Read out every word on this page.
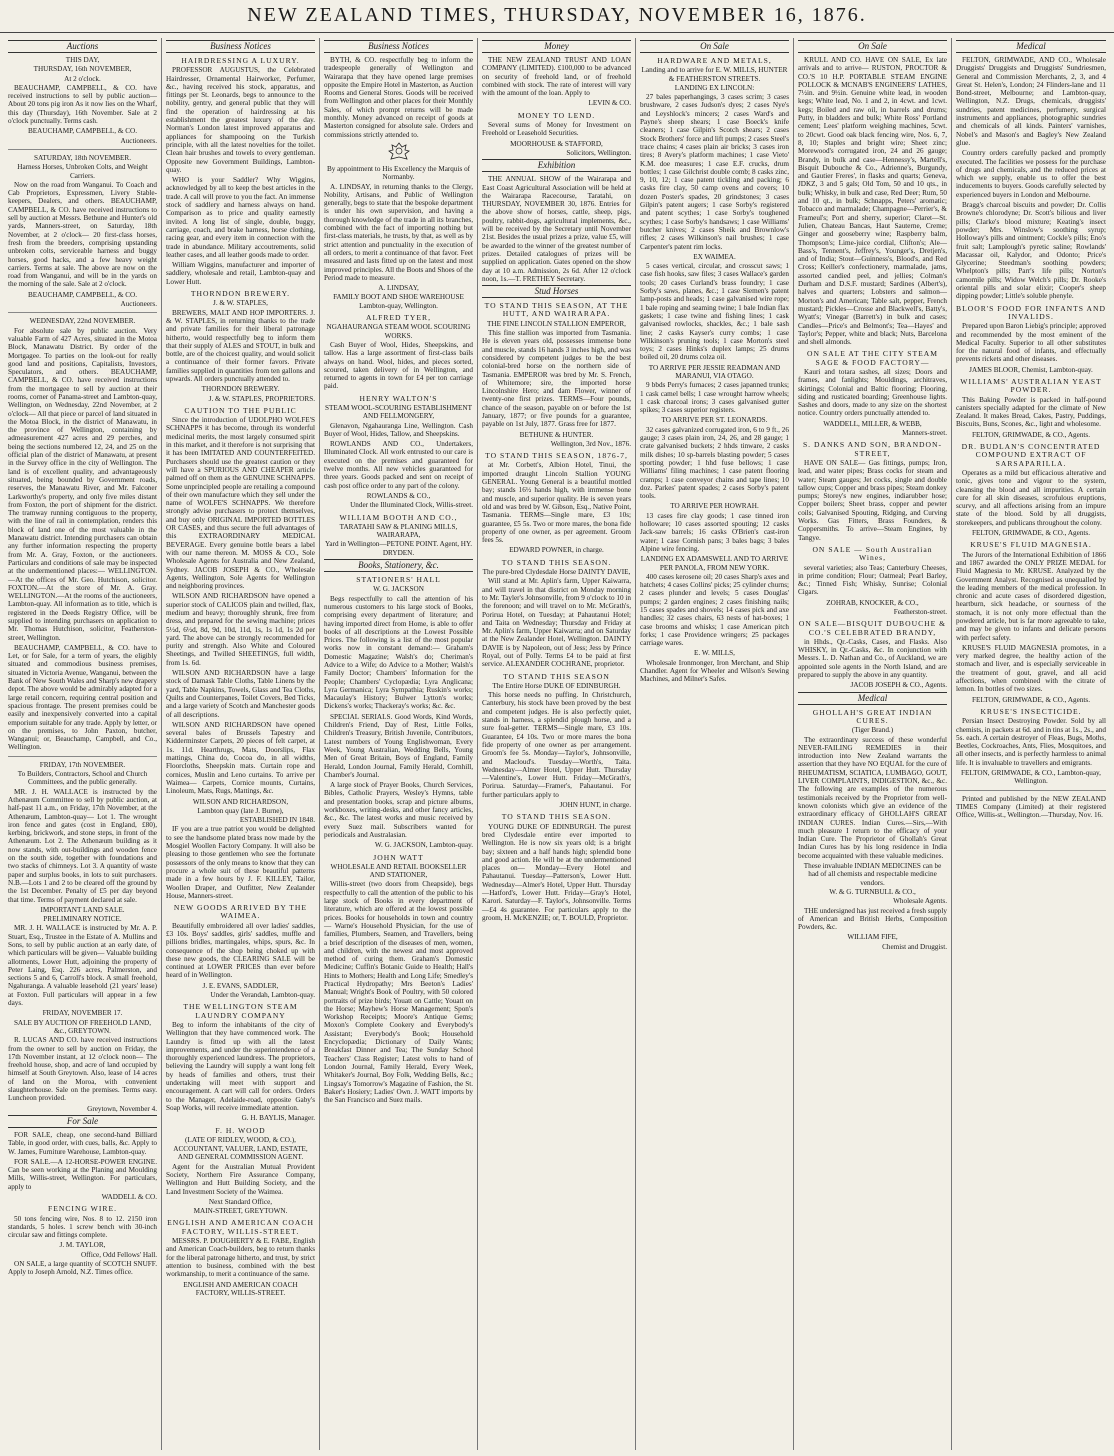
NEW ZEALAND TIMES, THURSDAY, NOVEMBER 16, 1876.
Auctions
THIS DAY,
THURSDAY, 16th NOVEMBER,
At 2 o'clock.
BEAUCHAMP, CAMPBELL, & CO. have received instructions to sell by public auction— About 20 tons pig iron As it now lies on the Wharf, this day (Thursday), 16th November. Sale at 2 o'clock punctually. Terms cash.
BEAUCHAMP, CAMPBELL, & CO.
Auctioneers.
SATURDAY, 18th NOVEMBER.
Harness Horses, Unbroken Colts, and Weight Carriers.
Now on the road from Wanganui. To Coach and Cab Proprietors, Expressmen, Livery Stable-keepers, Dealers, and others. BEAUCHAMP, CAMPBELL, & CO. have received instructions to sell by auction at Messrs. Bethune and Hunter's old yards, Manners-street, on Saturday, 18th November, at 2 o'clock— 20 first-class horses, fresh from the breeders, comprising upstanding unbroken colts, serviceable harness and buggy horses, good hacks, and a few heavy weight carriers. Terms at sale. The above are now on the road from Wanganui, and will be in the yards on the morning of the sale. Sale at 2 o'clock.
BEAUCHAMP, CAMPBELL, & CO.
Auctioneers.
WEDNESDAY, 22nd NOVEMBER.
For absolute sale by public auction. Very valuable Farm of 427 Acres, situated in the Motoa Block, Manawatu District. By order of the Mortgagee. To parties on the look-out for really good land and positions, Capitalists, Investors, Speculators, and others. BEAUCHAMP, CAMPBELL, & CO. have received instructions from the mortgagee to sell by auction at their rooms, corner of Panama-street and Lambton-quay, Wellington, on Wednesday, 22nd November, at 2 o'clock— All that piece or parcel of land situated in the Motoa Block, in the district of Manawatu, in the province of Wellington, containing by admeasurement 427 acres and 29 perches, and being the sections numbered 12, 24, and 25 on the official plan of the district of Manawatu, at present in the Survey office in the city of Wellington. The land is of excellent quality, and advantageously situated, being bounded by Government roads, reserves, the Manawatu River, and Mr. Falconer Larkworthy's property, and only five miles distant from Foxton, the port of shipment for the district. The tramway running contiguous to the property, with the line of rail in contemplation, renders this block of land one of the most valuable in the Manawatu district. Intending purchasers can obtain any further information respecting the property from Mr. A. Gray, Foxton, or the auctioneers. Particulars and conditions of sale may be inspected at the undermentioned places:— WELLINGTON.—At the offices of Mr. Geo. Hutchison, solicitor. FOXTON.—At the store of Mr. A. Gray. WELLINGTON.—At the rooms of the auctioneers, Lambton-quay. All information as to title, which is registered in the Deeds Registry Office, will be supplied to intending purchasers on application to Mr. Thomas Hutchison, solicitor, Featherston-street, Wellington.
BEAUCHAMP, CAMPBELL, & CO. have to Let, or for Sale, for a term of years, the eligibly situated and commodious business premises, situated in Victoria Avenue, Wanganui, between the Bank of New South Wales and Sharp's new drapery depot. The above would be admirably adapted for a large retail concern, requiring central position and spacious frontage. The present premises could be easily and inexpensively converted into a capital emporium suitable for any trade. Apply by letter, or on the premises, to John Paxton, butcher, Wanganui; or, Beauchamp, Campbell, and Co., Wellington.
FRIDAY, 17th NOVEMBER.
To Builders, Contractors, School and Church Committees, and the public generally.
MR. J. H. WALLACE is instructed by the Athenæum Committee to sell by public auction, at half-past 11 a.m., on Friday, 17th November, at the Athenæum, Lambton-quay— Lot 1. The wrought iron fence and gates (cost in England, £80), kerbing, brickwork, and stone steps, in front of the Athenæum. Lot 2. The Athenæum building as it now stands, with out-buildings and wooden fence on the south side, together with foundations and two stacks of chimneys. Lot 3. A quantity of waste paper and surplus books, in lots to suit purchasers. N.B.—Lots 1 and 2 to be cleared off the ground by the 1st December. Penalty of £5 per day beyond that time. Terms of payment declared at sale.
IMPORTANT LAND SALE.
PRELIMINARY NOTICE.
MR. J. H. WALLACE is instructed by Mr. A. P. Stuart, Esq., Trustee in the Estate of A. Mullins and Sons, to sell by public auction at an early date, of which particulars will be given— Valuable building allotments, Lower Hutt, adjoining the property of Peter Laing, Esq. 226 acres, Palmerston, and sections 5 and 6, Carroll's block. A small freehold, Ngahuranga. A valuable leasehold (21 years' lease) at Foxton. Full particulars will appear in a few days.
FRIDAY, NOVEMBER 17.
SALE BY AUCTION OF FREEHOLD LAND, &c., GREYTOWN.
R. LUCAS AND CO. have received instructions from the owner to sell by auction on Friday, the 17th November instant, at 12 o'clock noon— The freehold house, shop, and acre of land occupied by himself at South Greytown. Also, lease of 14 acres of land on the Moroa, with convenient slaughterhouse. Sale on the premises. Terms easy. Luncheon provided.
Greytown, November 4.
For Sale
FOR SALE, cheap, one second-hand Billiard Table, in good order, with cues, balls, &c. Apply to W. James, Furniture Warehouse, Lambton-quay.
FOR SALE.—A 12-HORSE-POWER ENGINE. Can be seen working at the Planing and Moulding Mills, Willis-street, Wellington. For particulars, apply to
WADDELL & CO.
FENCING WIRE.
50 tons fencing wire, Nos. 8 to 12. 2150 iron standards, 5 holes. 1 screw bench with 30-inch circular saw and fittings complete.
J. M. TAYLOR,
Office, Odd Fellows' Hall.
ON SALE, a large quantity of SCOTCH SNUFF. Apply to Joseph Arnold, N.Z. Times office.
Business Notices
HAIRDRESSING A LUXURY.
PROFESSOR AUGUSTUS, the Celebrated Hairdresser, Ornamental Hairworker, Perfumer, &c., having received his stock, apparatus, and fittings per St. Leonards, begs to announce to the nobility, gentry, and general public that they will find the operation of hairdressing at his establishment the greatest luxury of the day. Norman's London latest improved apparatus and appliances for shampooing on the Turkish principle, with all the latest novelties for the toilet. Clean hair brushes and towels to every gentleman. Opposite new Government Buildings, Lambton-quay.
WHO is your Saddler? Why Wiggins, acknowledged by all to keep the best articles in the trade. A call will prove to you the fact. An immense stock of saddlery and harness always on hand. Comparison as to price and quality earnestly invited. A long list of single, double, buggy, carriage, coach, and brake harness, horse clothing, racing gear, and every item in connection with the trade in abundance. Military accoutrements, solid leather cases, and all leather goods made to order.
William Wiggins, manufacturer and importer of saddlery, wholesale and retail, Lambton-quay and Lower Hutt.
THORNDON BREWERY.
J. & W. STAPLES,
BREWERS, MALT AND HOP IMPORTERS. J. & W. STAPLES, in returning thanks to the trade and private families for their liberal patronage hitherto, would respectfully beg to inform them that their supply of ALES and STOUT, in bulk and bottle, are of the choicest quality, and would solicit a continuance of their former favors. Private families supplied in quantities from ten gallons and upwards. All orders punctually attended to.
THORNDON BREWERY.
J. & W. STAPLES, PROPRIETORS.
CAUTION TO THE PUBLIC
Since the introduction of UDOLPHO WOLFE'S SCHNAPPS it has become, through its wonderful medicinal merits, the most largely consumed spirit in this market, and it therefore is not surprising that it has been IMITATED AND COUNTERFEITED. Purchasers should use the greatest caution or they will have a SPURIOUS AND CHEAPER article palmed off on them as the GENUINE SCHNAPPS. Some unprincipled people are retailing a compound of their own manufacture which they sell under the name of WOLFE'S SCHNAPPS. We therefore strongly advise purchasers to protect themselves, and buy only ORIGINAL IMPORTED BOTTLES OR CASES, and thus secure the full advantages of this EXTRAORDINARY MEDICAL BEVERAGE. Every genuine bottle bears a label with our name thereon. M. MOSS & CO., Sole Wholesale Agents for Australia and New Zealand, Sydney. JACOB JOSEPH & CO., Wholesale Agents, Wellington, Sole Agents for Wellington and neighboring provinces.
WILSON AND RICHARDSON have opened a superior stock of CALICOS plain and twilled, flax, medium and heavy; thoroughly shrunk, free from dress, and prepared for the sewing machine; prices 5½d, 6½d, 8d, 9d, 10d, 11d, 1s, 1s 1d, 1s 2d per yard. The above can be strongly recommended for purity and strength. Also White and Coloured Sheetings, and Twilled SHEETINGS, full width, from 1s. 6d.
WILSON AND RICHARDSON have a large stock of Damask Table Cloths, Table Linens by the yard, Table Napkins, Towels, Glass and Tea Cloths, Quilts and Counterpanes, Toilet Covers, Bed Ticks, and a large variety of Scotch and Manchester goods of all descriptions.
WILSON AND RICHARDSON have opened several bales of Brussels Tapestry and Kidderminster Carpets, 20 pieces of felt carpet, at 1s. 11d. Hearthrugs, Mats, Doorslips, Flax mattings, China do, Cocoa do, in all widths, Floorcloths, Sheepskin mats. Curtain rope and cornices, Muslin and Leno curtains. To arrive per Waimea— Carpets, Cornice mounts, Curtains, Linoleum, Mats, Rugs, Mattings, &c.
WILSON AND RICHARDSON,
Lambton quay (late J. Burne),
ESTABLISHED IN 1848.
IF you are a true patriot you would be delighted to see the handsome plated brass now made by the Mosgiel Woollen Factory Company. It will also be pleasing to those gentlemen who see the fortunate possessors of the only means to know that they can procure a whole suit of these beautiful patterns made in a few hours by J. F. KILLEY, Tailor, Woollen Draper, and Outfitter, New Zealander House, Manners-street.
NEW GOODS ARRIVED BY THE WAIMEA.
Beautifully embroidered all over ladies' saddles, £3 10s. Boys' saddles, girls' saddles, muffle and pillions bridles, martingales, whips, spurs, &c. In consequence of the shop being choked up with these new goods, the CLEARING SALE will be continued at LOWER PRICES than ever before heard of in Wellington.
J. E. EVANS, SADDLER,
Under the Verandah, Lambton-quay.
THE WELLINGTON STEAM LAUNDRY COMPANY
Beg to inform the inhabitants of the city of Wellington that they have commenced work. The Laundry is fitted up with all the latest improvements, and under the superintendence of a thoroughly experienced laundress. The proprietors, believing the Laundry will supply a want long felt by heads of families and others, trust their undertaking will meet with support and encouragement. A cart will call for orders. Orders to the Manager, Adelaide-road, opposite Gaby's Soap Works, will receive immediate attention.
G. H. BAYLIS, Manager.
F. H. WOOD
(LATE OF RIDLEY, WOOD, & CO.),
ACCOUNTANT, VALUER, LAND, ESTATE, AND GENERAL COMMISSION AGENT.
Agent for the Australian Mutual Provident Society, Northern Fire Assurance Company, Wellington and Hutt Building Society, and the Land Investment Society of the Waimea.
Next Standard Office,
MAIN-STREET, GREYTOWN.
ENGLISH AND AMERICAN COACH FACTORY, WILLIS-STREET.
MESSRS. P. DOUGHERTY & E. FABE, English and American Coach-builders, beg to return thanks for the liberal patronage hitherto, and trust, by strict attention to business, combined with the best workmanship, to merit a continuance of the same.
ENGLISH AND AMERICAN COACH FACTORY, WILLIS-STREET.
Business Notices
BYTH, & CO. respectfully beg to inform the tradespeople generally of Wellington and Wairarapa that they have opened large premises opposite the Empire Hotel in Masterton, as Auction Rooms and General Stores. Goods will be received from Wellington and other places for their Monthly Sales, of which prompt returns will be made monthly. Money advanced on receipt of goods at Masterton consigned for absolute sale. Orders and commissions strictly attended to.
By appointment to His Excellency the Marquis of Normanby.
A. LINDSAY, in returning thanks to the Clergy, Nobility, Artisans, and Public of Wellington generally, begs to state that the bespoke department is under his own supervision, and having a thorough knowledge of the trade in all its branches, combined with the fact of importing nothing but first-class materials, he trusts, by that, as well as by strict attention and punctuality in the execution of all orders, to merit a continuance of that favor. Feet measured and lasts fitted up on the latest and most improved principles. All the Boots and Shoes of the Period made to measure.
A. LINDSAY,
FAMILY BOOT AND SHOE WAREHOUSE Lambton-quay, Wellington.
ALFRED TYER,
NGAHAURANGA STEAM WOOL SCOURING WORKS.
Cash Buyer of Wool, Hides, Sheepskins, and tallow. Has a large assortment of first-class bails always on hand. Wool, hides, and pieces sorted, scoured, taken delivery of in Wellington, and returned to agents in town for £4 per ton carriage paid.
HENRY WALTON'S
STEAM WOOL-SCOURING ESTABLISHMENT AND FELLMONGERY,
Glenavon, Ngahauranga Line, Wellington. Cash Buyer of Wool, Hides, Tallow, and Sheepskins.
ROWLANDS AND CO., Undertakers, Illuminated Clock. All work entrusted to our care is executed on the premises and guaranteed for twelve months. All new vehicles guaranteed for three years. Goods packed and sent on receipt of cash post office order to any part of the colony.
ROWLANDS & CO.,
Under the Illuminated Clock, Willis-street.
WILLIAM BOOTH AND CO.,
TARATAHI SAW & PLANING MILLS, WAIRARAPA,
Yard in Wellington—PETONE POINT. Agent, HY. DRYDEN.
Books, Stationery, &c.
STATIONERS' HALL
W. G. JACKSON
Begs respectfully to call the attention of his numerous customers to his large stock of Books, comprising every department of literature; and having imported direct from Home, is able to offer books of all descriptions at the Lowest Possible Prices. The following is a list of the most popular works now in constant demand:— Graham's Domestic Magazine; Walsh's do; Cheriman's Advice to a Wife; do Advice to a Mother; Walsh's Family Doctor; Chambers' Information for the People; Chambers' Cyclopædia; Lyra Anglicana; Lyra Germanica; Lyra Sympathia; Ruskin's works; Macaulay's History; Bulwer Lytton's works; Dickens's works; Thackeray's works; &c. &c.
SPECIAL SERIALS. Good Words, Kind Words, Children's Friend, Day of Rest, Little Folks, Children's Treasury, British Juvenile, Contributors, Latest numbers of Young Englishwoman, Every Week, Young Australian, Wedding Bells, Young Men of Great Britain, Boys of England, Family Herald, London Journal, Family Herald, Cornhill, Chamber's Journal.
A large stock of Prayer Books, Church Services, Bibles, Catholic Prayers, Wesley's Hymns, table and presentation books, scrap and picture albums, workboxes, writing-desks, and other fancy articles, &c., &c. The latest works and music received by every Suez mail. Subscribers wanted for periodicals and Australasian.
W. G. JACKSON, Lambton-quay.
JOHN WATT
WHOLESALE AND RETAIL BOOKSELLER AND STATIONER,
Willis-street (two doors from Cheapside), begs respectfully to call the attention of the public to his large stock of Books in every department of literature, which are offered at the lowest possible prices. Books for households in town and country— Warne's Household Physician, for the use of families, Plumbers, Seamen, and Travellers, being a brief description of the diseases of men, women, and children, with the newest and most approved method of curing them. Graham's Domestic Medicine; Cuffin's Botanic Guide to Health; Hall's Hints to Mothers; Health and Long Life; Smedley's Practical Hydropathy; Mrs Beeton's Ladies' Manual; Wright's Book of Poultry, with 50 colored portraits of prize birds; Youatt on Cattle; Youatt on the Horse; Mayhew's Horse Management; Spon's Workshop Receipts; Moore's Antique Gems; Moxon's Complete Cookery and Everybody's Assistant; Everybody's Book; Household Encyclopædia; Dictionary of Daily Wants; Breakfast Dinner and Tea; The Sunday School Teachers' Class Register; Latest volts to hand of London Journal, Family Herald, Every Week, Whitaker's Journal, Boy Folk, Wedding Bells, &c.; Lingsay's Tomorrow's Magazine of Fashion, the St. Baker's Hosiery; Ladies' Own. J. WATT imports by the San Francisco and Suez mails.
Money
THE NEW ZEALAND TRUST AND LOAN COMPANY (LIMITED). £100,000 to be advanced on security of freehold land, or of freehold combined with stock. The rate of interest will vary with the amount of the loan. Apply to
LEVIN & CO.
MONEY TO LEND.
Several sums of Money for Investment on Freehold or Leasehold Securities.
MOORHOUSE & STAFFORD,
Solicitors, Wellington.
Exhibition
THE ANNUAL SHOW of the Wairarapa and East Coast Agricultural Association will be held at the Wairarapa Racecourse, Taratahi, on THURSDAY, NOVEMBER 30, 1876. Entries for the above show of horses, cattle, sheep, pigs, poultry, rabbit-dogs, agricultural implements, &c., will be received by the Secretary until November 21st. Besides the usual prizes a prize, value £5, will be awarded to the winner of the greatest number of prizes. Detailed catalogues of prizes will be supplied on application. Gates opened on the show day at 10 a.m. Admission, 2s 6d. After 12 o'clock noon, 1s.—T. FRETHEY Secretary.
Stud Horses
TO STAND THIS SEASON, AT THE HUTT, AND WAIRARAPA.
THE FINE LINCOLN STALLION EMPEROR,
This fine stallion was imported from Tasmania. He is eleven years old, possesses immense bone and muscle, stands 16 hands 3 inches high, and was considered by competent judges to be the best colonial-bred horse on the northern side of Tasmania. EMPEROR was bred by Mr. S. French, of Whitemore; sire, the imported horse Lincolnshire Hero; and dam Flower, winner of twenty-one first prizes. TERMS—Four pounds, chance of the season, payable on or before the 1st January, 1877; or five pounds for a guarantee, payable on 1st July, 1877. Grass free for 1877.
BETHUNE & HUNTER.
Wellington, 3rd Nov., 1876.
TO STAND THIS SEASON, 1876-7,
at Mr. Corbett's, Albion Hotel, Tinui, the imported draught Lincoln Stallion YOUNG GENERAL. Young General is a beautiful mottled bay; stands 16½ hands high, with immense bone and muscle, and superior quality. He is seven years old and was bred by W. Gibson, Esq., Native Point, Tasmania. TERMS—Single mare, £3 10s; guarantee, £5 5s. Two or more mares, the bona fide property of one owner, as per agreement. Groom fees 5s.
EDWARD POWNER, in charge.
TO STAND THIS SEASON.
The pure-bred Clydesdale Horse DAINTY DAVIE,
Will stand at Mr. Aplin's farm, Upper Kaiwarra, and will travel in that district on Monday morning to Mr. Tayler's Johnsonville, from 9 o'clock to 10 in the forenoon; and will travel on to Mr. McGrath's, Porirua Hotel, on Tuesday; at Pahautanui Hotel; and Taita on Wednesday; Thursday and Friday at Mr. Aplin's farm, Upper Kaiwarra; and on Saturday at the New Zealander Hotel, Wellington. DAINTY DAVIE is by Napoleon, out of Jess; Jess by Prince Royal, out of Polly. Terms £4 to be paid at first service. ALEXANDER COCHRANE, proprietor.
TO STAND THIS SEASON
The Entire Horse DUKE OF EDINBURGH.
This horse needs no puffing. In Christchurch, Canterbury, his stock have been proved by the best and competent judges. He is also perfectly quiet, stands in harness, a splendid plough horse, and a sure foal-getter. TERMS—Single mare, £3 10s. Guarantee, £4 10s. Two or more mares the bona fide property of one owner as per arrangement. Groom's fee 5s. Monday—Taylor's, Johnsonville, and Macloud's. Tuesday—Worth's, Taita. Wednesday—Almer Hotel, Upper Hutt. Thursday—Valentine's, Lower Hutt. Friday—McGrath's, Porirua. Saturday—Framer's, Pahautanui. For further particulars apply to
JOHN HUNT, in charge.
TO STAND THIS SEASON.
YOUNG DUKE OF EDINBURGH. The purest bred Clydesdale entire ever imported to Wellington. He is now six years old; is a bright bay; sixteen and a half hands high; splendid bone and good action. He will be at the undermentioned places on— Monday—Every Hotel and Pahautanui. Tuesday—Patterson's, Lower Hutt. Wednesday—Almer's Hotel, Upper Hutt. Thursday—Hatford's, Lower Hutt. Friday—Gray's Hotel, Karori. Saturday—F. Taylor's, Johnsonville. Terms—£4 4s guarantee. For particulars apply to the groom, H. McKENZIE; or, T. BOULD, Proprietor.
On Sale
HARDWARE AND METALS,
Landing and to arrive for E. W. MILLS, HUNTER & FEATHERSTON STREETS.
LANDING EX LINCOLN:
27 bales paperhangings, 3 cases scrim; 3 cases brushware, 2 cases Judson's dyes; 2 cases Nye's and Leyshlock's mincers; 2 cases Ward's and Payne's sheep shears; 1 case Boeck's knife cleaners; 1 case Gilpin's Scotch shears; 2 cases Stock Brothers' force and lift pumps; 2 cases Steel's trace chains; 4 cases plain air bricks; 3 cases iron tires; 8 Avery's platform machines; 1 case Vieto' K.M. doe measures; 1 case E.F. crucks, drum bottles; 1 case Gilchrist double comb; 8 casks zinc, 9, 10, 12; 1 case patent tickling and packing; 6 casks fire clay, 50 camp ovens and covers; 10 dozen Poster's spades, 20 grindstones; 3 cases Gilpin's patent augers; 1 case Sorby's registered and patent scythes; 1 case Sorby's toughened scythes; 1 case Sorby's handsaws; 1 case Williams' butcher knives; 2 cases Sheik and Brownlow's rifles; 2 cases Wilkinson's nail brushes; 1 case Carpenter's patent rim locks.
EX WAIMEA.
5 cases vertical, circular, and crosscut saws; 1 case fish hooks, saw files; 3 cases Wallace's garden tools; 20 cases Curland's brass foundry; 1 case Sorby's saws, planes, &c.; 1 case Siemen's patent lamp-posts and heads; 1 case galvanised wire rope; 1 bale roping and seaming twine; 1 bale Indian flax gaskets; 1 case twine and fishing lines; 1 cask galvanised rowlocks, shackles, &c.; 1 bale sash line; 2 casks Kayser's curry combs; 1 case Wilkinson's pruning tools; 1 case Morton's steel toys; 2 cases Hinks's duplex lamps; 25 drums boiled oil, 20 drums colza oil.
TO ARRIVE PER JESSIE READMAN AND MARANUI, VIA OTAGO.
9 bbds Perry's furnaces; 2 cases japanned trunks; 1 cask camel bells; 1 case wrought harrow wheels; 1 cask charcoal irons; 3 cases galvanised gutter spikes; 3 cases superior registers.
TO ARRIVE PER ST. LEONARDS.
32 cases galvanized corrugated iron, 6 to 9 ft., 26 gauge; 3 cases plain iron, 24, 26, and 28 gauge; 1 crate galvanised buckets; 2 hhds tinware, 2 casks milk dishes; 10 sp-barrels blasting powder; 5 cases sporting powder; 1 hhd fuse bellows; 1 case Williams' filing machines; 1 case patent flooring cramps; 1 case conveyor chains and tape lines; 10 doz. Parkes' patent spades; 2 cases Sorby's patent tools.
TO ARRIVE PER HOWRAH.
13 cases fire clay goods; 1 case tinned iron holloware; 10 cases assorted spouting; 12 casks Jack-saw barrels; 16 casks O'Brien's cast-iron water; 1 case Cornish pans; 3 bales bags; 3 bales Alpine wire fencing.
LANDING EX ADAMSWELL AND TO ARRIVE PER PANOLA, FROM NEW YORK.
400 cases kerosene oil; 20 cases Sharp's axes and hatchets; 4 cases Collins' picks; 25 cylinder churns; 2 cases plunder and levels; 5 cases Douglas' pumps; 2 garden engines; 2 cases finishing nails; 15 cases spades and shovels; 14 cases pick and axe handles; 32 cases chairs, 63 nests of hat-boxes; 1 case brooms and whisks; 1 case American pitch forks; 1 case Providence wringers; 25 packages carriage wares.
E. W. MILLS,
Wholesale Ironmonger, Iron Merchant, and Ship Chandler. Agent for Wheeler and Wilson's Sewing Machines, and Milner's Safes.
On Sale
KRULL AND CO. HAVE ON SALE, Ex late arrivals and to arrive— RUSTON, PROCTOR & CO.'S 10 H.P. PORTABLE STEAM ENGINE POLLOCK & MCNAB'S ENGINEERS' LATHES, 7½in. and 9½in. Genuine white lead, in wooden kegs; White lead, No. 1 and 2, in 4cwt. and 1cwt. kegs; Boiled and raw oil, in barrels and drums; Putty, in bladders and bulk; White Ross' Portland cement; Lees' platform weighing machines, 5cwt. to 20cwt. Good oak black fencing wire, Nos. 6, 7, 8, 10; Staples and bright wire; Sheet zinc; Morewood's corrugated iron, 24 and 26 gauge; Brandy, in bulk and case—Hennessy's, Martell's, Bisquit Dubouche & Co., Adrienne's, Burgundy, and Gautier Freres', in flasks and quarts; Geneva, JDKZ, 3 and 5 gals; Old Tom, 50 and 10 qts., in bulk; Whisky, in bulk and case, Red Deer; Rum, 50 and 10 qt., in bulk; Schnapps, Peters' aromatic; Tobacco and marmalade; Champagne—Perrier's, & Frameul's; Port and sherry, superior; Claret—St. Julien, Chateau Bancas, Haut Sauterne, Creme; Ginger and gooseberry wine; Raspberry balm, Thompson's; Lime-juice cordial, Clifton's; Ale—Bass's, Tennent's, Jeffrey's, Younger's, Dretjen's, and of India; Stout—Guinness's, Blood's, and Red Cross; Keiller's confectionery, marmalade, jams, assorted candied peel, and jellies; Colman's Durham and D.S.F. mustard; Sardines (Albert's), halves and quarters; Lobsters and salmon—Morton's and American; Table salt, pepper, French mustard; Pickles—Crosse and Blackwell's, Batty's, Wyatt's; Vinegar (Barrett's) in bulk and cases; Candles—Price's and Belmont's; Tea—Hayes' and Taylor's; Pepper, white and black; Nuts, Barcelona and shell almonds.
ON SALE AT THE CITY STEAM SAGE & FOOD FACTORY—
Kauri and totara sashes, all sizes; Doors and frames, and fanlights; Mouldings, architraves, skirtings; Colonial and Baltic flooring; Flooring, siding and rusticated boarding; Greenhouse lights. Sashes and doors, made to any size on the shortest notice. Country orders punctually attended to.
WADDELL, MILLER, & WEBB,
Manners-street.
S. DANKS AND SON, BRANDON-STREET,
HAVE ON SALE— Gas fittings, pumps; Iron, lead, and water pipes; Brass cocks for steam and water; Steam gauges; Jet cocks, single and double tallow cups; Copper and brass pipes; Steam donkey pumps; Storey's new engines, indiarubber hose; Copper boilers; Sheet brass, copper and pewter coils; Galvanised Spouting, Ridging, and Curving Works. Gas Fitters, Brass Founders, & Coppersmiths. To arrive—Steam Engines, by Tangye.
ON SALE — South Australian Wines,
several varieties; also Teas; Canterbury Cheeses, in prime condition; Flour; Oatmeal; Pearl Barley, &c.; Tinned Fish; Whisky, Sunrise; Colonial Cigars.
ZOHRAB, KNOCKER, & CO.,
Featherston-street.
ON SALE—BISQUIT DUBOUCHE & CO.'S CELEBRATED BRANDY,
in Hhds., Qr.-Casks, Cases, and Flasks. Also WHISKY, in Qr.-Casks, &c. In conjunction with Messrs. L. D. Nathan and Co., of Auckland, we are appointed sole agents in the North Island, and are prepared to supply the above in any quantity.
JACOB JOSEPH & CO., Agents.
Medical
GHOLLAH'S GREAT INDIAN CURES.
(Tiger Brand.)
The extraordinary success of these wonderful NEVER-FAILING REMEDIES in their introduction into New Zealand warrants the assertion that they have NO EQUAL for the cure of RHEUMATISM, SCIATICA, LUMBAGO, GOUT, LIVER COMPLAINTS, INDIGESTION, &c., &c. The following are examples of the numerous testimonials received by the Proprietor from well-known colonists which give an evidence of the extraordinary efficacy of GHOLLAH'S GREAT INDIAN CURES. Indian Cures.—Sirs,—With much pleasure I return to the efficacy of your Indian Cure. The Proprietor of Ghollah's Great Indian Cures has by his long residence in India become acquainted with these valuable medicines.
These invaluable INDIAN MEDICINES can be had of all chemists and respectable medicine vendors.
W. & G. TURNBULL & CO.,
Wholesale Agents.
THE undersigned has just received a fresh supply of American and British Herbs, Composition Powders, &c.
WILLIAM FIFE,
Chemist and Druggist.
Medical
FELTON, GRIMWADE, AND CO., Wholesale Druggists' Druggists and Druggists' Sundriesmen, General and Commission Merchants, 2, 3, and 4 Great St. Helen's, London; 24 Flinders-lane and 11 Bond-street, Melbourne; and Lambton-quay, Wellington, N.Z. Drugs, chemicals, druggists' sundries, patent medicines, perfumery, surgical instruments and appliances, photographic sundries and chemicals of all kinds. Painters' varnishes, Nobel's and Mason's and Bagley's New Zealand glue.
Country orders carefully packed and promptly executed. The facilities we possess for the purchase of drugs and chemicals, and the reduced prices at which we supply, enable us to offer the best inducements to buyers. Goods carefully selected by experienced buyers in London and Melbourne.
Bragg's charcoal biscuits and powder; Dr. Collis Browne's chlorodyne; Dr. Scott's bilious and liver pills; Clarke's blood mixture; Keating's insect powder; Mrs. Winslow's soothing syrup; Holloway's pills and ointment; Cockle's pills; Eno's fruit salt; Lamplough's pyretic saline; Rowlands' Macassar oil, Kalydor, and Odonto; Price's Glycerine; Steedman's soothing powders; Whelpton's pills; Parr's life pills; Norton's camomile pills; Widow Welch's pills; Dr. Rooke's oriental pills and solar elixir; Cooper's sheep dipping powder; Little's soluble phenyle.
BLOOR'S FOOD FOR INFANTS AND INVALIDS.
Prepared upon Baron Liebig's principle; approved and recommended by the most eminent of the Medical Faculty. Superior to all other substitutes for the natural food of infants, and effectually prevents rickets and other diseases.
JAMES BLOOR, Chemist, Lambton-quay.
WILLIAMS' AUSTRALIAN YEAST POWDER.
This Baking Powder is packed in half-pound canisters specially adapted for the climate of New Zealand. It makes Bread, Cakes, Pastry, Puddings, Biscuits, Buns, Scones, &c., light and wholesome.
FELTON, GRIMWADE, & CO., Agents.
DR. BUDLAN'S CONCENTRATED COMPOUND EXTRACT OF SARSAPARILLA.
Operates as a mild but efficacious alterative and tonic, gives tone and vigour to the system, cleansing the blood and all impurities. A certain cure for all skin diseases, scrofulous eruptions, scurvy, and all affections arising from an impure state of the blood. Sold by all druggists, storekeepers, and publicans throughout the colony.
FELTON, GRIMWADE, & CO., Agents.
KRUSE'S FLUID MAGNESIA.
The Jurors of the International Exhibition of 1866 and 1867 awarded the ONLY PRIZE MEDAL for Fluid Magnesia to Mr. KRUSE. Analyzed by the Government Analyst. Recognised as unequalled by the leading members of the medical profession. In chronic and acute cases of disordered digestion, heartburn, sick headache, or sourness of the stomach, it is not only more effectual than the powdered article, but is far more agreeable to take, and may be given to infants and delicate persons with perfect safety.
KRUSE'S FLUID MAGNESIA promotes, in a very marked degree, the healthy action of the stomach and liver, and is especially serviceable in the treatment of gout, gravel, and all acid affections, when combined with the citrate of lemon. In bottles of two sizes.
FELTON, GRIMWADE, & CO., Agents.
KRUSE'S INSECTICIDE.
Persian Insect Destroying Powder. Sold by all chemists, in packets at 6d. and in tins at 1s., 2s., and 5s. each. A certain destroyer of Fleas, Bugs, Moths, Beetles, Cockroaches, Ants, Flies, Mosquitoes, and all other insects, and is perfectly harmless to animal life. It is invaluable to travellers and emigrants.
FELTON, GRIMWADE, & CO., Lambton-quay, Wellington.
Printed and published by the NEW ZEALAND TIMES Company (Limited) at their registered Office, Willis-st., Wellington.—Thursday, Nov. 16.
